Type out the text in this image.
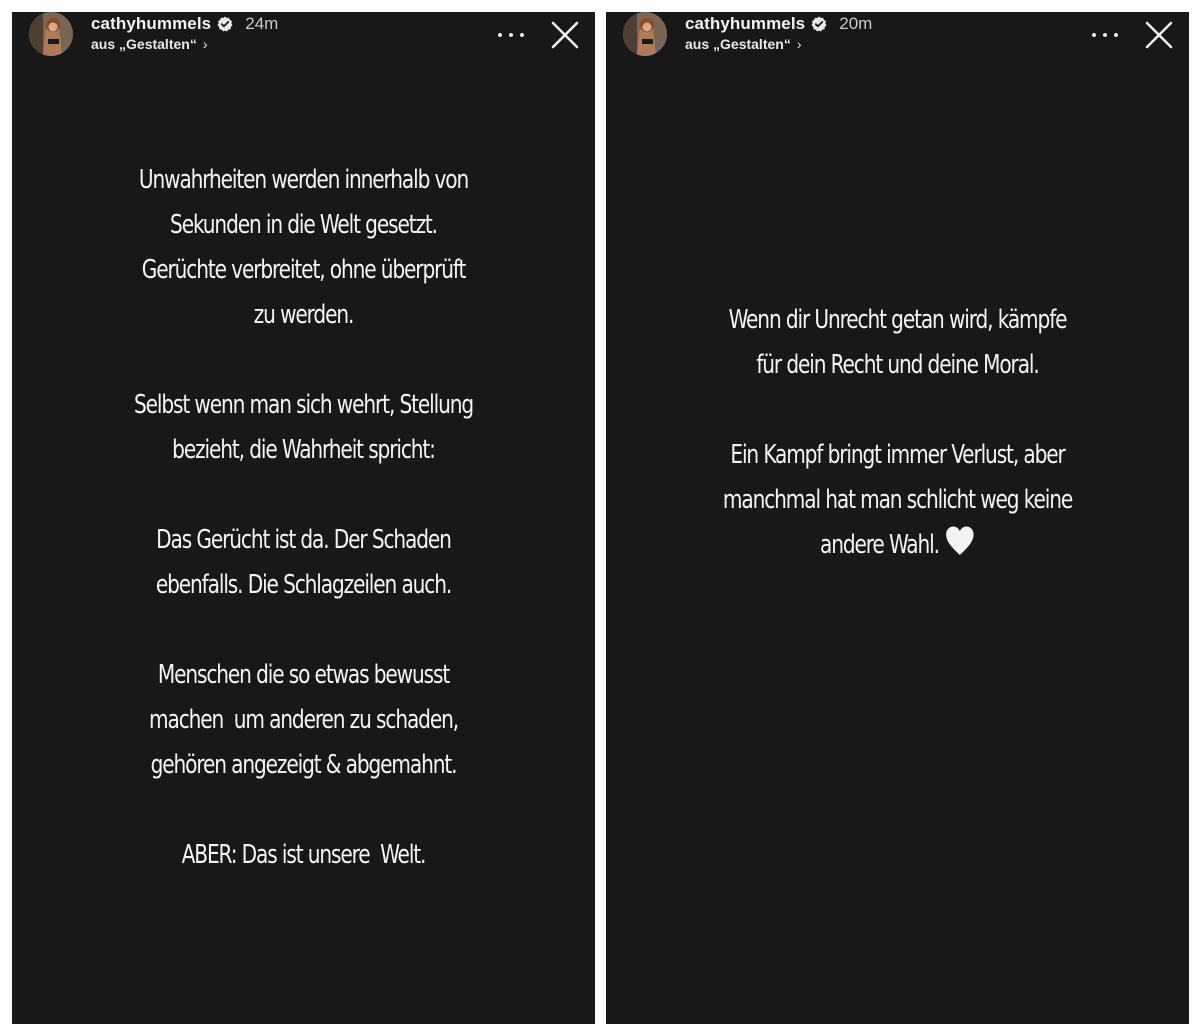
cathyhummels 24m
aus „Gestalten“ ›

Unwahrheiten werden innerhalb von
Sekunden in die Welt gesetzt.
Gerüchte verbreitet, ohne überprüft
zu werden.

Selbst wenn man sich wehrt, Stellung
bezieht, die Wahrheit spricht:

Das Gerücht ist da. Der Schaden
ebenfalls. Die Schlagzeilen auch.

Menschen die so etwas bewusst
machen  um anderen zu schaden,
gehören angezeigt & abgemahnt.

ABER: Das ist unsere  Welt.

cathyhummels 20m
aus „Gestalten“ ›

Wenn dir Unrecht getan wird, kämpfe
für dein Recht und deine Moral.

Ein Kampf bringt immer Verlust, aber
manchmal hat man schlicht weg keine
andere Wahl.
